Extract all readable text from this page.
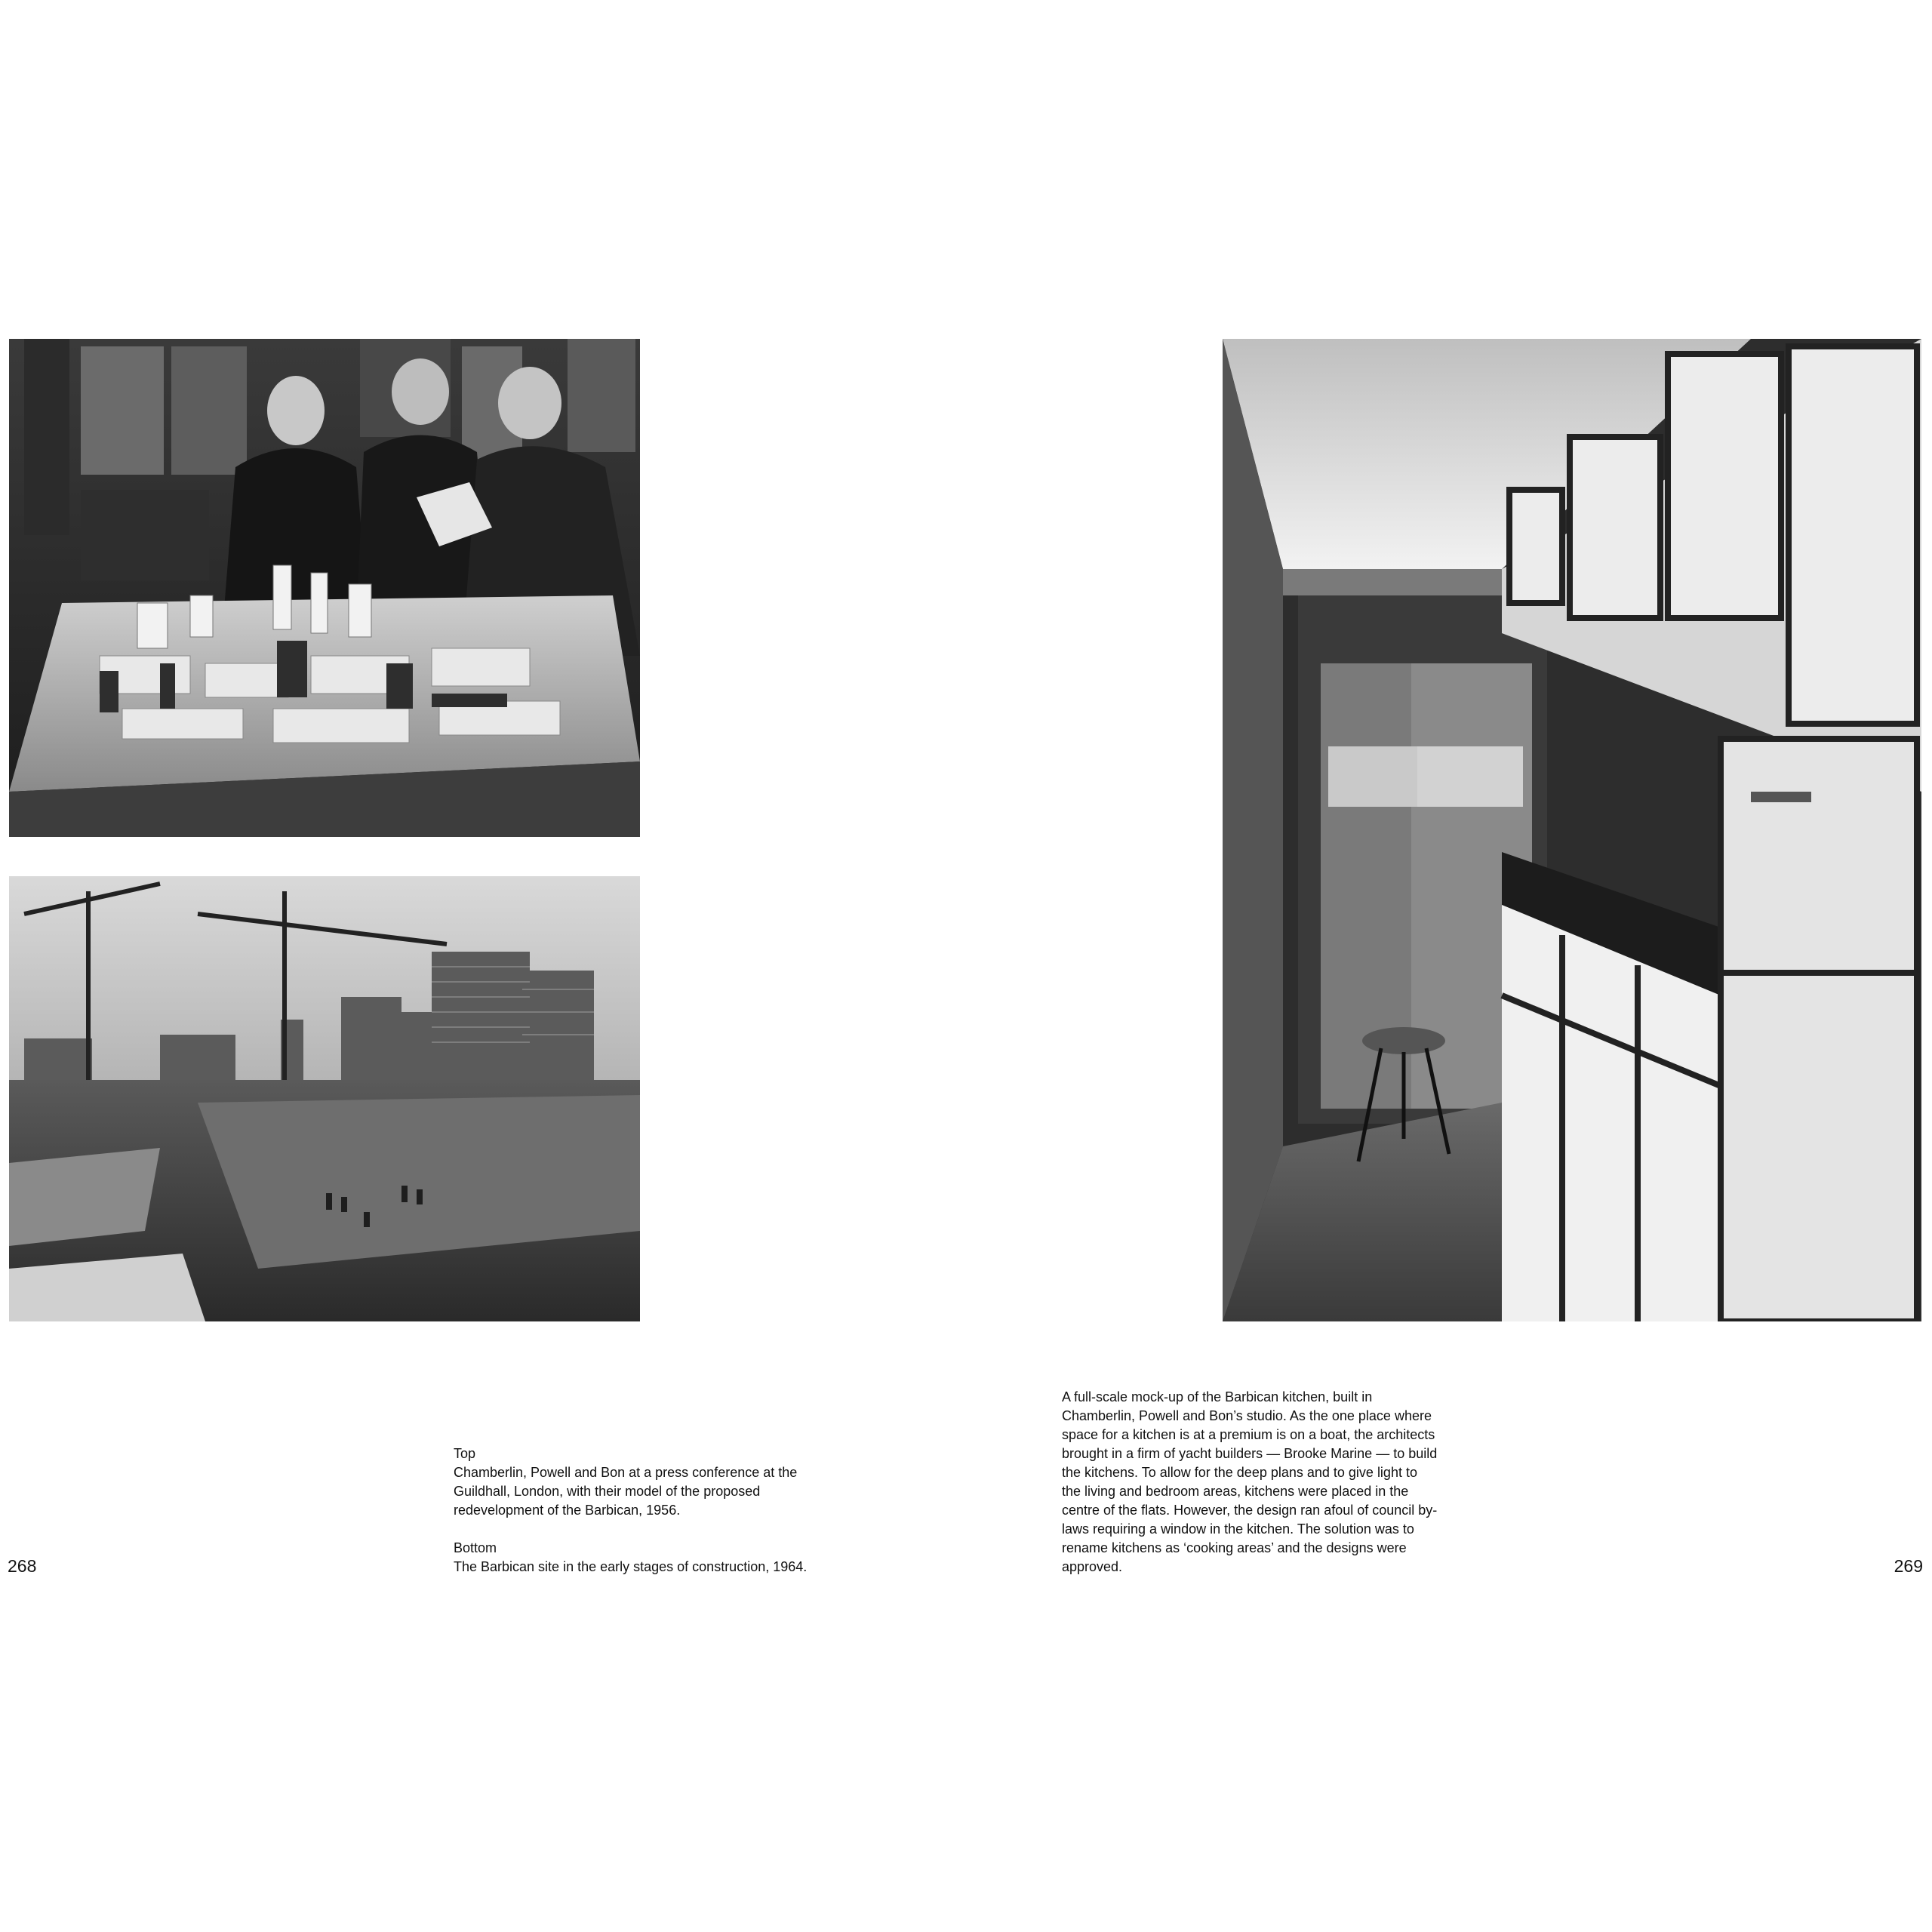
268
Top

Chamberlin, Powell and Bon at a press conference at the Guildhall, London, with their model of the proposed redevelopment of the Barbican, 1956.

Bottom

The Barbican site in the early stages of construction, 1964.

A full-scale mock-up of the Barbican kitchen, built in Chamberlin, Powell and Bon’s studio. As the one place where space for a kitchen is at a premium is on a boat, the architects brought in a firm of yacht builders — Brooke Marine — to build the kitchens. To allow for the deep plans and to give light to the living and bedroom areas, kitchens were placed in the centre of the flats. However, the design ran afoul of council by-laws requiring a window in the kitchen. The solution was to rename kitchens as ‘cooking areas’ and the designs were approved.	269
